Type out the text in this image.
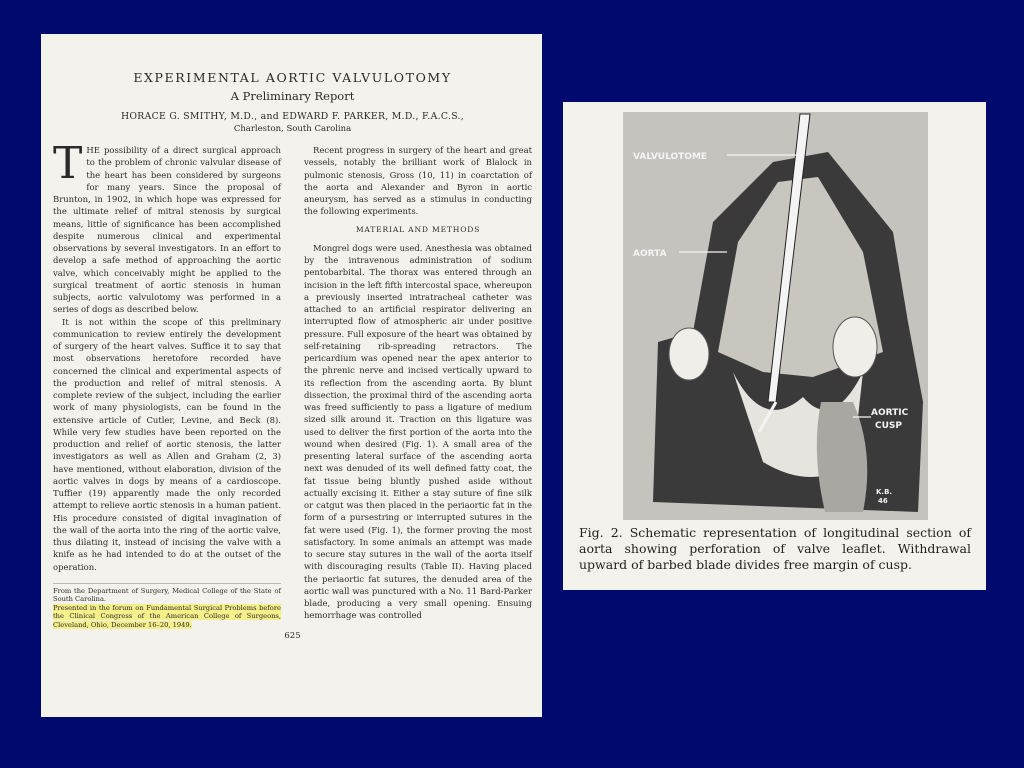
EXPERIMENTAL AORTIC VALVULOTOMY
A Preliminary Report
HORACE G. SMITHY, M.D., and EDWARD F. PARKER, M.D., F.A.C.S.,
Charleston, South Carolina

THE possibility of a direct surgical approach to the problem of chronic valvular disease of the heart has been considered by surgeons for many years. Since the proposal of Brunton, in 1902, in which hope was expressed for the ultimate relief of mitral stenosis by surgical means, little of significance has been accomplished despite numerous clinical and experimental observations by several investigators. In an effort to develop a safe method of approaching the aortic valve, which conceivably might be applied to the surgical treatment of aortic stenosis in human subjects, aortic valvulotomy was performed in a series of dogs as described below.

It is not within the scope of this preliminary communication to review entirely the development of surgery of the heart valves. Suffice it to say that most observations heretofore recorded have concerned the clinical and experimental aspects of the production and relief of mitral stenosis. A complete review of the subject, including the earlier work of many physiologists, can be found in the extensive article of Cutler, Levine, and Beck (8). While very few studies have been reported on the production and relief of aortic stenosis, the latter investigators as well as Allen and Graham (2, 3) have mentioned, without elaboration, division of the aortic valves in dogs by means of a cardioscope. Tuffier (19) apparently made the only recorded attempt to relieve aortic stenosis in a human patient. His procedure consisted of digital invagination of the wall of the aorta into the ring of the aortic valve, thus dilating it, instead of incising the valve with a knife as he had intended to do at the outset of the operation.

From the Department of Surgery, Medical College of the State of South Carolina.
Presented in the forum on Fundamental Surgical Problems before the Clinical Congress of the American College of Surgeons, Cleveland, Ohio, December 16–20, 1949.

Recent progress in surgery of the heart and great vessels, notably the brilliant work of Blalock in pulmonic stenosis, Gross (10, 11) in coarctation of the aorta and Alexander and Byron in aortic aneurysm, has served as a stimulus in conducting the following experiments.

MATERIAL AND METHODS

Mongrel dogs were used. Anesthesia was obtained by the intravenous administration of sodium pentobarbital. The thorax was entered through an incision in the left fifth intercostal space, whereupon a previously inserted intratracheal catheter was attached to an artificial respirator delivering an interrupted flow of atmospheric air under positive pressure. Full exposure of the heart was obtained by self-retaining rib-spreading retractors. The pericardium was opened near the apex anterior to the phrenic nerve and incised vertically upward to its reflection from the ascending aorta. By blunt dissection, the proximal third of the ascending aorta was freed sufficiently to pass a ligature of medium sized silk around it. Traction on this ligature was used to deliver the first portion of the aorta into the wound when desired (Fig. 1). A small area of the presenting lateral surface of the ascending aorta next was denuded of its well defined fatty coat, the fat tissue being bluntly pushed aside without actually excising it. Either a stay suture of fine silk or catgut was then placed in the periaortic fat in the form of a pursestring or interrupted sutures in the fat were used (Fig. 1), the former proving the most satisfactory. In some animals an attempt was made to secure stay sutures in the wall of the aorta itself with discouraging results (Table II). Having placed the periaortic fat sutures, the denuded area of the aortic wall was punctured with a No. 11 Bard-Parker blade, producing a very small opening. Ensuing hemorrhage was controlled

625
VALVULOTOME
AORTA
AORTIC
CUSP
K.B.
46
Fig. 2. Schematic representation of longitudinal section of aorta showing perforation of valve leaflet. Withdrawal upward of barbed blade divides free margin of cusp.
